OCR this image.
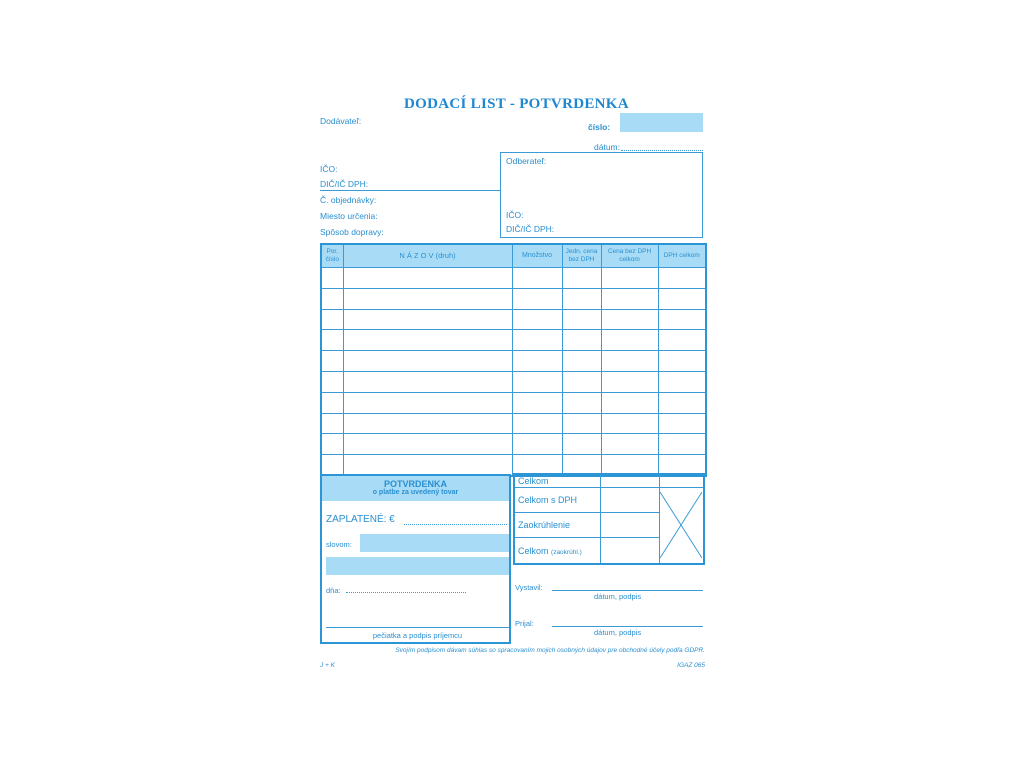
DODACÍ LIST - POTVRDENKA
Dodávateľ:
číslo:
dátum:
IČO:
DIČ/IČ DPH:
Č. objednávky:
Miesto určenia:
Spôsob dopravy:
Odberateľ:
IČO:
DIČ/IČ DPH:
Por. číslo	N Á Z O V (druh)	Množstvo	Jedn. cena bez DPH	Cena bez DPH celkom	DPH celkom

POTVRDENKA
o platbe za uvedený tovar
ZAPLATENÉ: €
slovom:
dňa:
pečiatka a podpis príjemcu
Celkom		
Celkom s DPH		

Zaokrúhlenie		
Celkom (zaokrúhl.)		
Vystavil:
dátum, podpis
Prijal:
dátum, podpis
Svojím podpisom dávam súhlas so spracovaním mojich osobných údajov pre obchodné účely podľa GDPR.
J + K	IGAZ 065
